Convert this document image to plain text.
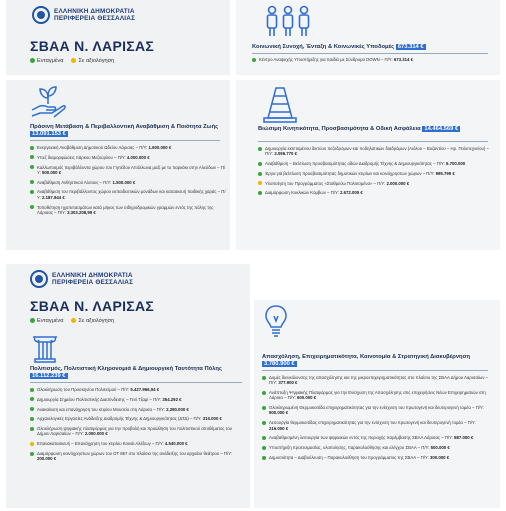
ΕΛΛΗΝΙΚΗ ΔΗΜΟΚΡΑΤΙΑ
ΠΕΡΙΦΕΡΕΙΑ ΘΕΣΣΑΛΙΑΣ
ΣΒΑΑ Ν. ΛΑΡΙΣΑΣ
Ενταγμένα	Σε αξιολόγηση
Κοινωνική Συνοχή, Ένταξη & Κοινωνικές Υποδομές 673.314 €
Κέντρο Αναψυχής Υποστήριξης για παιδιά με Σύνδρομο DOWN – Π/Υ: 673.314 €
Πράσινη Μετάβαση & Περιβαλλοντική Αναβάθμιση & Ποιότητα Ζωής 13.091.153 €
Ενεργειακή Αναβάθμιση Δημοτικού Ωδείου Λάρισας – Π/Υ: 1.600.000 €
Υπεζ διαμορφώσεις πάρκου Μεζούρλου – Π/Υ: 4.000.000 €
Καλλωπισμός περιβάλλοντα χώρου του Γηπέδου Απόλλωνα μαζί με το παρκάκι στην Αλεύδων – Π/Υ: 500.000 €
Αναβάθμιση Ανθηστικού Άλσους – Π/Υ: 1.500.000 €
Αναβάθμιση του περιβάλλοντος χώρου εκπαιδευτικών μονάδων και κατασκευή παιδικής χαράς – Π/Υ: 2.187.944 €
Τοποθέτηση ηχοπετασμάτων κατά μήκος των σιδηροδρομικών γραμμών εντός της πόλης της Λάρισας – Π/Υ: 3.303.208,99 €
Βιώσιμη Κινητικότητα, Προσβασιμότητα & Οδική Ασφάλεια 14.464.569 €
Δημιουργία εκτεταμένου δικτύου πεζοδρόμων και ποδηλατικών διαδρόμων (Αιόλου – Βυζαντίου – Ηρ. Πολυτεχνείου) – Π/Υ: 2.096.770 €
Αναβάθμιση – Βελτίωση προσβασιμότητας οδών Διαδρομής Τέχνης & Δημιουργικότητας – Π/Υ: 6.700.000
Έργα για βελτίωση προσβασιμότητας δημοτικών κτιρίων και κοινόχρηστων χώρων – Π/Υ: 995.799 €
Υλοποίηση του Προγράμματος «Σταθμεύω Πολιτισμένα» – Π/Υ: 2.000.000 €
Διαμόρφωση Κυκλικών Κόμβων – Π/Υ: 2.672.000 €
ΕΛΛΗΝΙΚΗ ΔΗΜΟΚΡΑΤΙΑ
ΠΕΡΙΦΕΡΕΙΑ ΘΕΣΣΑΛΙΑΣ
ΣΒΑΑ Ν. ΛΑΡΙΣΑΣ
Ενταγμένα	Σε αξιολόγηση
Πολιτισμός, Πολιτιστική Κληρονομιά & Δημιουργική Ταυτότητα Πόλης 16.112.239 €
Ολοκλήρωση του Προσκηνίου Πολιτισμού – Π/Υ: 5.427.966,94 €
Δημιουργία Σημείου Πολιτιστικής Διασύνδεσης – Γενί Τζαμί – Π/Υ: 354.292 €
Ανακαίνιση και επανάχρηση του κτιρίου Μουσείο στη Λάρισα – Π/Υ: 2.280.000 €
Αρχαιολογικές Εργασίες Ανάδειξης Διαδρομής Τέχνης & Δημιουργικότητας (ΔΤΔ) – Π/Υ: 310.000 €
Ολοκλήρωση ψηφιακής πλατφόρμας για την προβολή και προώθηση του πολιτιστικού αποθέματος του Δήμου Λαρισαίων – Π/Υ: 2.000.000 €
Επανακατασκευή – Επανάχρηση του κτιρίου Κοινάι Αλέξιωγ – Π/Υ: 4.540.000 €
Διαμόρφωση κοινόχρηστων χώρων του ΟΤ 867 στο πλαίσιο της ανάδειξης του αρχαίου θεάτρου – Π/Υ: 200.000 €
Απασχόληση, Επιχειρηματικότητα, Καινοτομία & Στρατηγική Διακυβέρνηση 3.780.900 €
Δομές διευκόλυνσης της απασχόλησης και της μικροεπιχειρηματικότητας στο πλαίσιο της ΣΒΑΑ Δήμου Λαρισαίων – Π/Υ: 377.900 €
Ανάπτυξη Ψηφιακής Πλατφόρμας για την Ενίσχυση της Απασχόλησης στις επιχειρήσεις Νέων Επιχειρηματιών στη Λάρισα – Π/Υ: 600.000 €
Ολοκληρωμένη Θερμοκοιτίδα επιχειρηματικότητας για την ενίσχυση του πρωτογενή και δευτερογενή τομέα – Π/Υ: 900.000 €
Λειτουργία θερμοκοιτίδας επιχειρηματικότητας για την ενίσχυση του πρωτογενή και δευτερογενή τομέα – Π/Υ: 216.000 €
Αναβαθμισμένη λειτουργία των ψηφιακών εντός της περιοχής παρέμβασης ΣΒΑΑ Λάρισας – Π/Υ: 887.000 €
Υποστήριξη προετοιμασίας, υλοποίησης, παρακολούθησης και ελέγχου ΣΒΑΑ – Π/Υ: 500.000 €
Δημοσιότητα – Διαβούλευση – Παρακολούθηση του προγράμματος της ΣΒΑΑ – Π/Υ: 300.000 €
